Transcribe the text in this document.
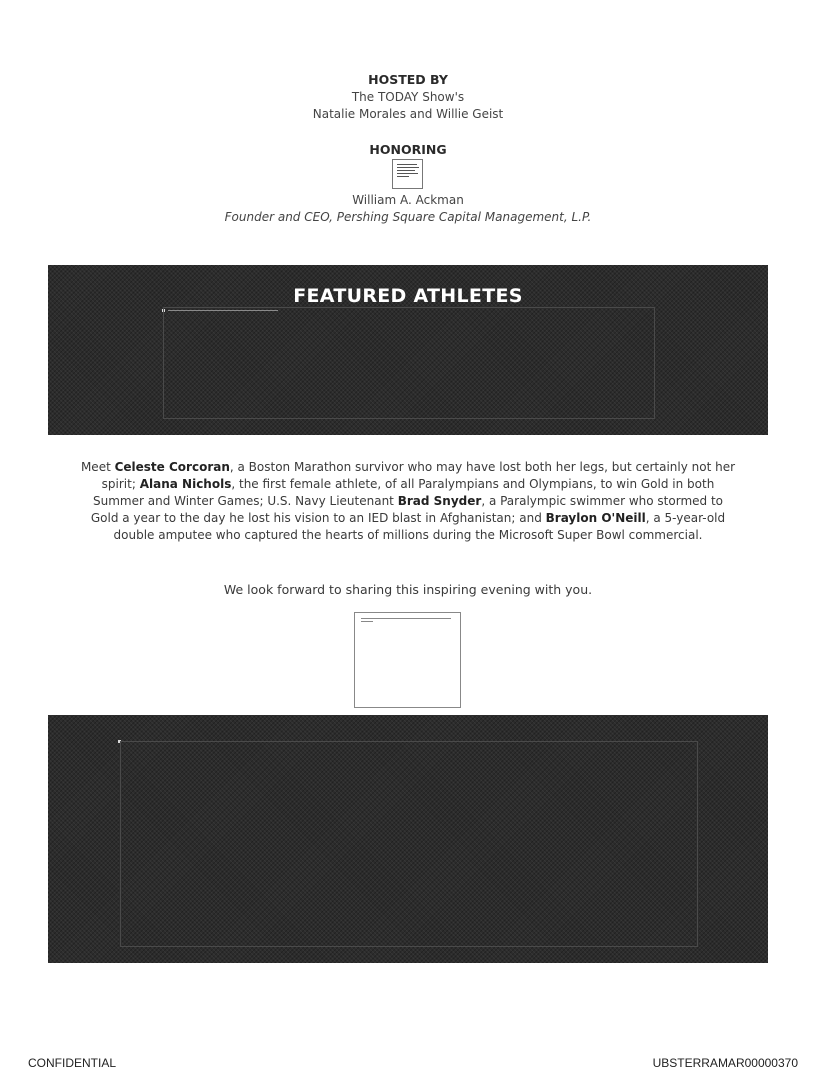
HOSTED BY
The TODAY Show's
Natalie Morales and Willie Geist
HONORING
William A. Ackman
Founder and CEO, Pershing Square Capital Management, L.P.
FEATURED ATHLETES
Meet Celeste Corcoran, a Boston Marathon survivor who may have lost both her legs, but certainly not her spirit; Alana Nichols, the first female athlete, of all Paralympians and Olympians, to win Gold in both Summer and Winter Games; U.S. Navy Lieutenant Brad Snyder, a Paralympic swimmer who stormed to Gold a year to the day he lost his vision to an IED blast in Afghanistan; and Braylon O'Neill, a 5-year-old double amputee who captured the hearts of millions during the Microsoft Super Bowl commercial.
We look forward to sharing this inspiring evening with you.
CONFIDENTIAL	UBSTERRAMAR00000370
